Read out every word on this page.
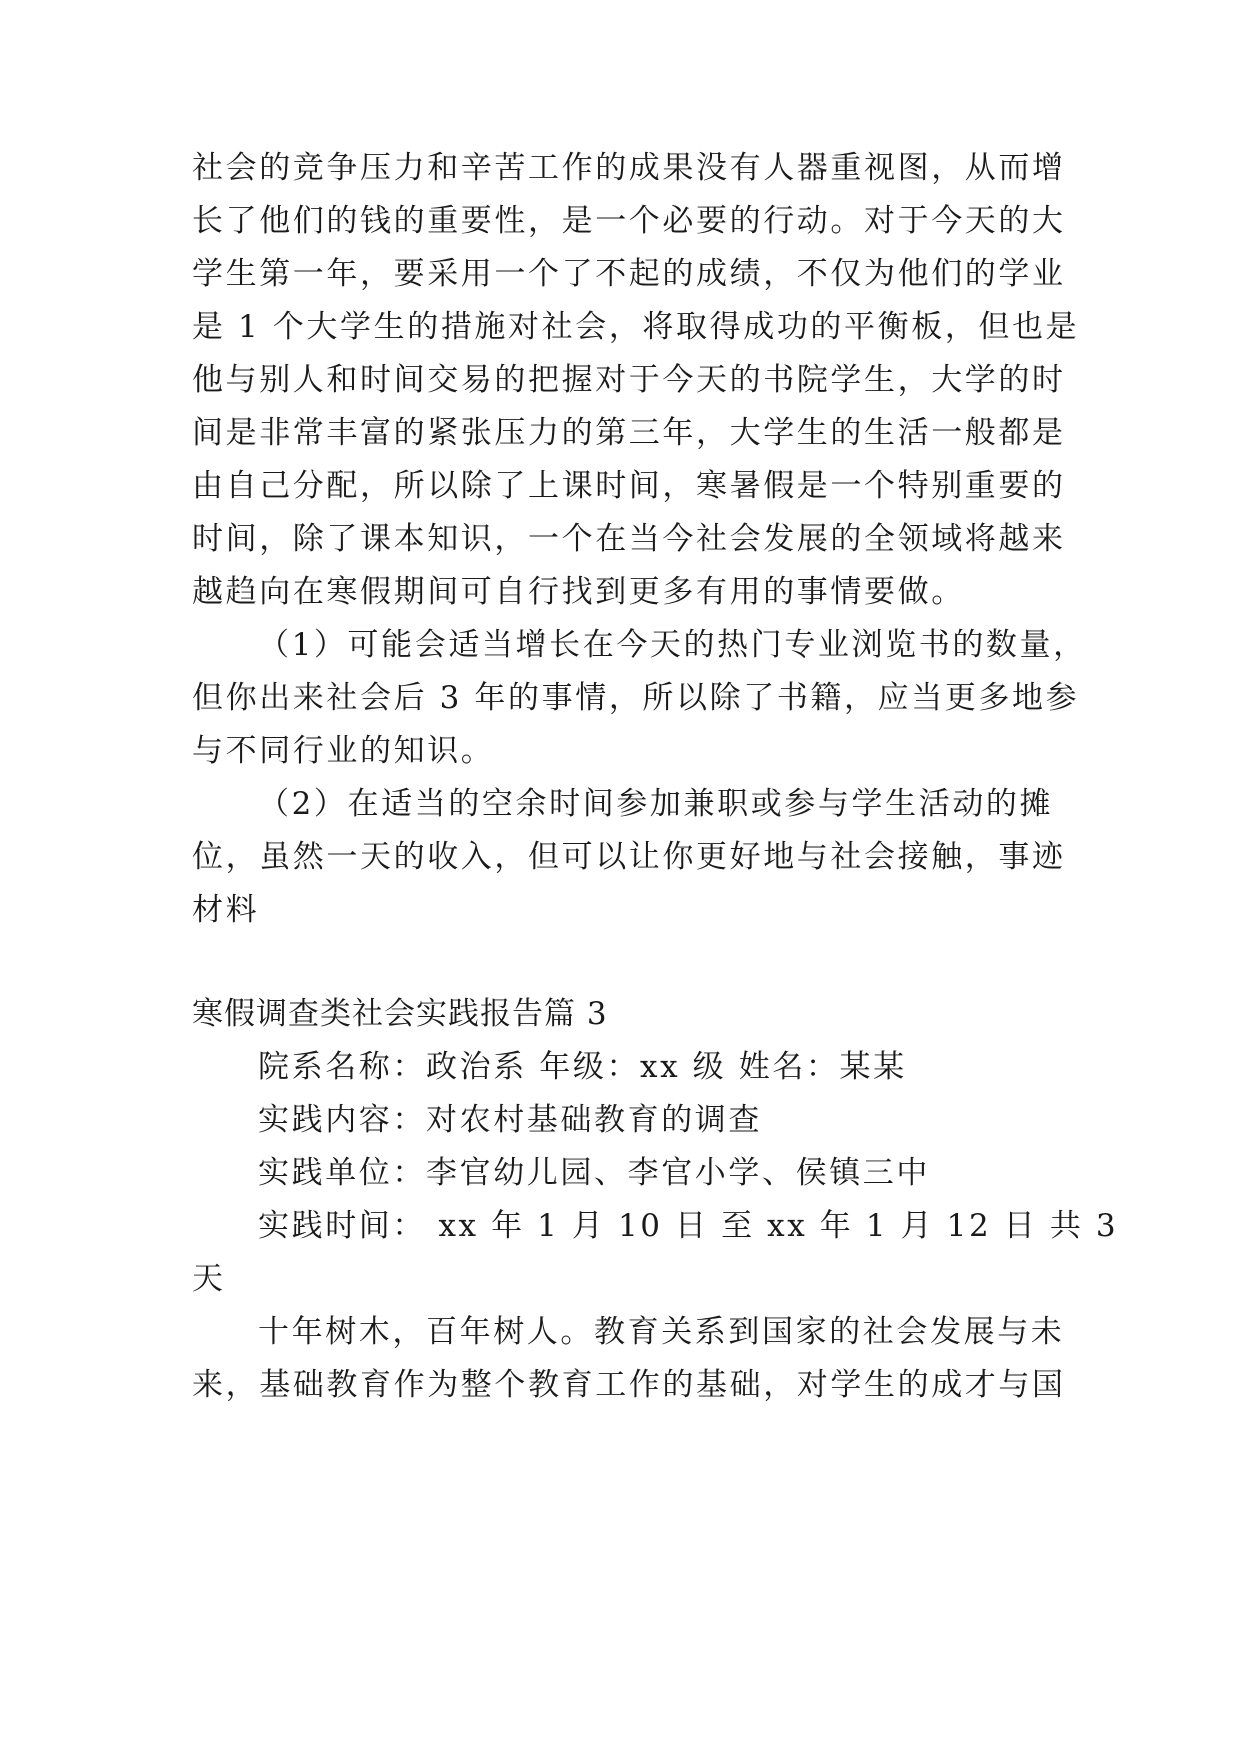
社会的竞争压力和辛苦工作的成果没有人器重视图，从而增
长了他们的钱的重要性，是一个必要的行动。对于今天的大
学生第一年，要采用一个了不起的成绩，不仅为他们的学业
是 1 个大学生的措施对社会，将取得成功的平衡板，但也是
他与别人和时间交易的把握对于今天的书院学生，大学的时
间是非常丰富的紧张压力的第三年，大学生的生活一般都是
由自己分配，所以除了上课时间，寒暑假是一个特别重要的
时间，除了课本知识，一个在当今社会发展的全领域将越来
越趋向在寒假期间可自行找到更多有用的事情要做。
（1）可能会适当增长在今天的热门专业浏览书的数量，
但你出来社会后 3 年的事情，所以除了书籍，应当更多地参
与不同行业的知识。
（2）在适当的空余时间参加兼职或参与学生活动的摊
位，虽然一天的收入，但可以让你更好地与社会接触，事迹
材料
寒假调查类社会实践报告篇 3
院系名称：政治系 年级：xx 级 姓名：某某
实践内容：对农村基础教育的调查
实践单位：李官幼儿园、李官小学、侯镇三中
实践时间： xx 年 1 月 10 日 至 xx 年 1 月 12 日 共 3
天
十年树木，百年树人。教育关系到国家的社会发展与未
来，基础教育作为整个教育工作的基础，对学生的成才与国
